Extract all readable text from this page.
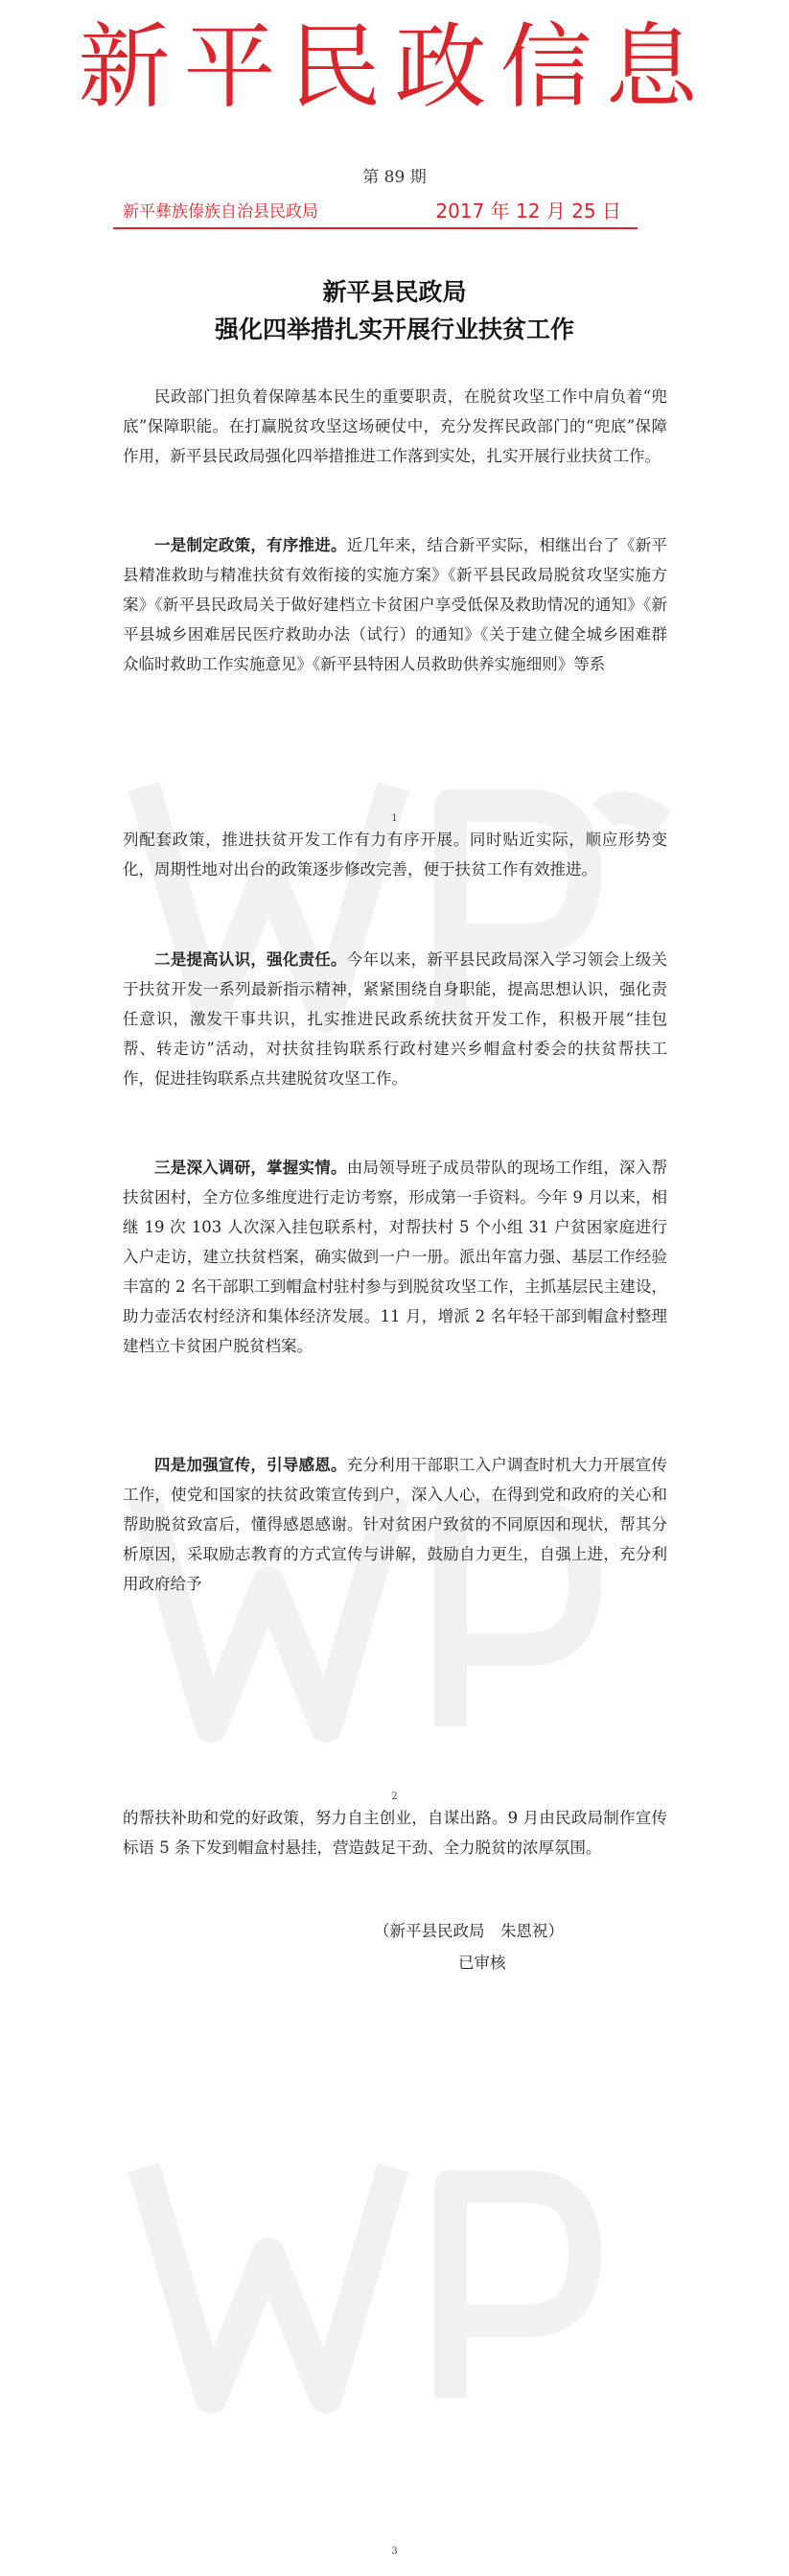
新平民政信息
第 89 期
新平彝族傣族自治县民政局	2017 年 12 月 25 日
新平县民政局
强化四举措扎实开展行业扶贫工作

民政部门担负着保障基本民生的重要职责，在脱贫攻坚工作中肩负着“兜底”保障职能。在打赢脱贫攻坚这场硬仗中，充分发挥民政部门的“兜底”保障作用，新平县民政局强化四举措推进工作落到实处，扎实开展行业扶贫工作。

一是制定政策，有序推进。近几年来，结合新平实际，相继出台了《新平县精准救助与精准扶贫有效衔接的实施方案》《新平县民政局脱贫攻坚实施方案》《新平县民政局关于做好建档立卡贫困户享受低保及救助情况的通知》《新平县城乡困难居民医疗救助办法（试行）的通知》《关于建立健全城乡困难群众临时救助工作实施意见》《新平县特困人员救助供养实施细则》等系

1

列配套政策，推进扶贫开发工作有力有序开展。同时贴近实际，顺应形势变化，周期性地对出台的政策逐步修改完善，便于扶贫工作有效推进。

二是提高认识，强化责任。今年以来，新平县民政局深入学习领会上级关于扶贫开发一系列最新指示精神，紧紧围绕自身职能，提高思想认识，强化责任意识，激发干事共识，扎实推进民政系统扶贫开发工作，积极开展“挂包帮、转走访”活动，对扶贫挂钩联系行政村建兴乡帽盒村委会的扶贫帮扶工作，促进挂钩联系点共建脱贫攻坚工作。

三是深入调研，掌握实情。由局领导班子成员带队的现场工作组，深入帮扶贫困村，全方位多维度进行走访考察，形成第一手资料。今年 9 月以来，相继 19 次 103 人次深入挂包联系村，对帮扶村 5 个小组 31 户贫困家庭进行入户走访，建立扶贫档案，确实做到一户一册。派出年富力强、基层工作经验丰富的 2 名干部职工到帽盒村驻村参与到脱贫攻坚工作，主抓基层民主建设，助力壶活农村经济和集体经济发展。11 月，增派 2 名年轻干部到帽盒村整理建档立卡贫困户脱贫档案。

四是加强宣传，引导感恩。充分利用干部职工入户调查时机大力开展宣传工作，使党和国家的扶贫政策宣传到户，深入人心，在得到党和政府的关心和帮助脱贫致富后，懂得感恩感谢。针对贫困户致贫的不同原因和现状，帮其分析原因，采取励志教育的方式宣传与讲解，鼓励自力更生，自强上进，充分利用政府给予

2

的帮扶补助和党的好政策，努力自主创业，自谋出路。9 月由民政局制作宣传标语 5 条下发到帽盒村悬挂，营造鼓足干劲、全力脱贫的浓厚氛围。

（新平县民政局　朱恩祝）
已审核
3
